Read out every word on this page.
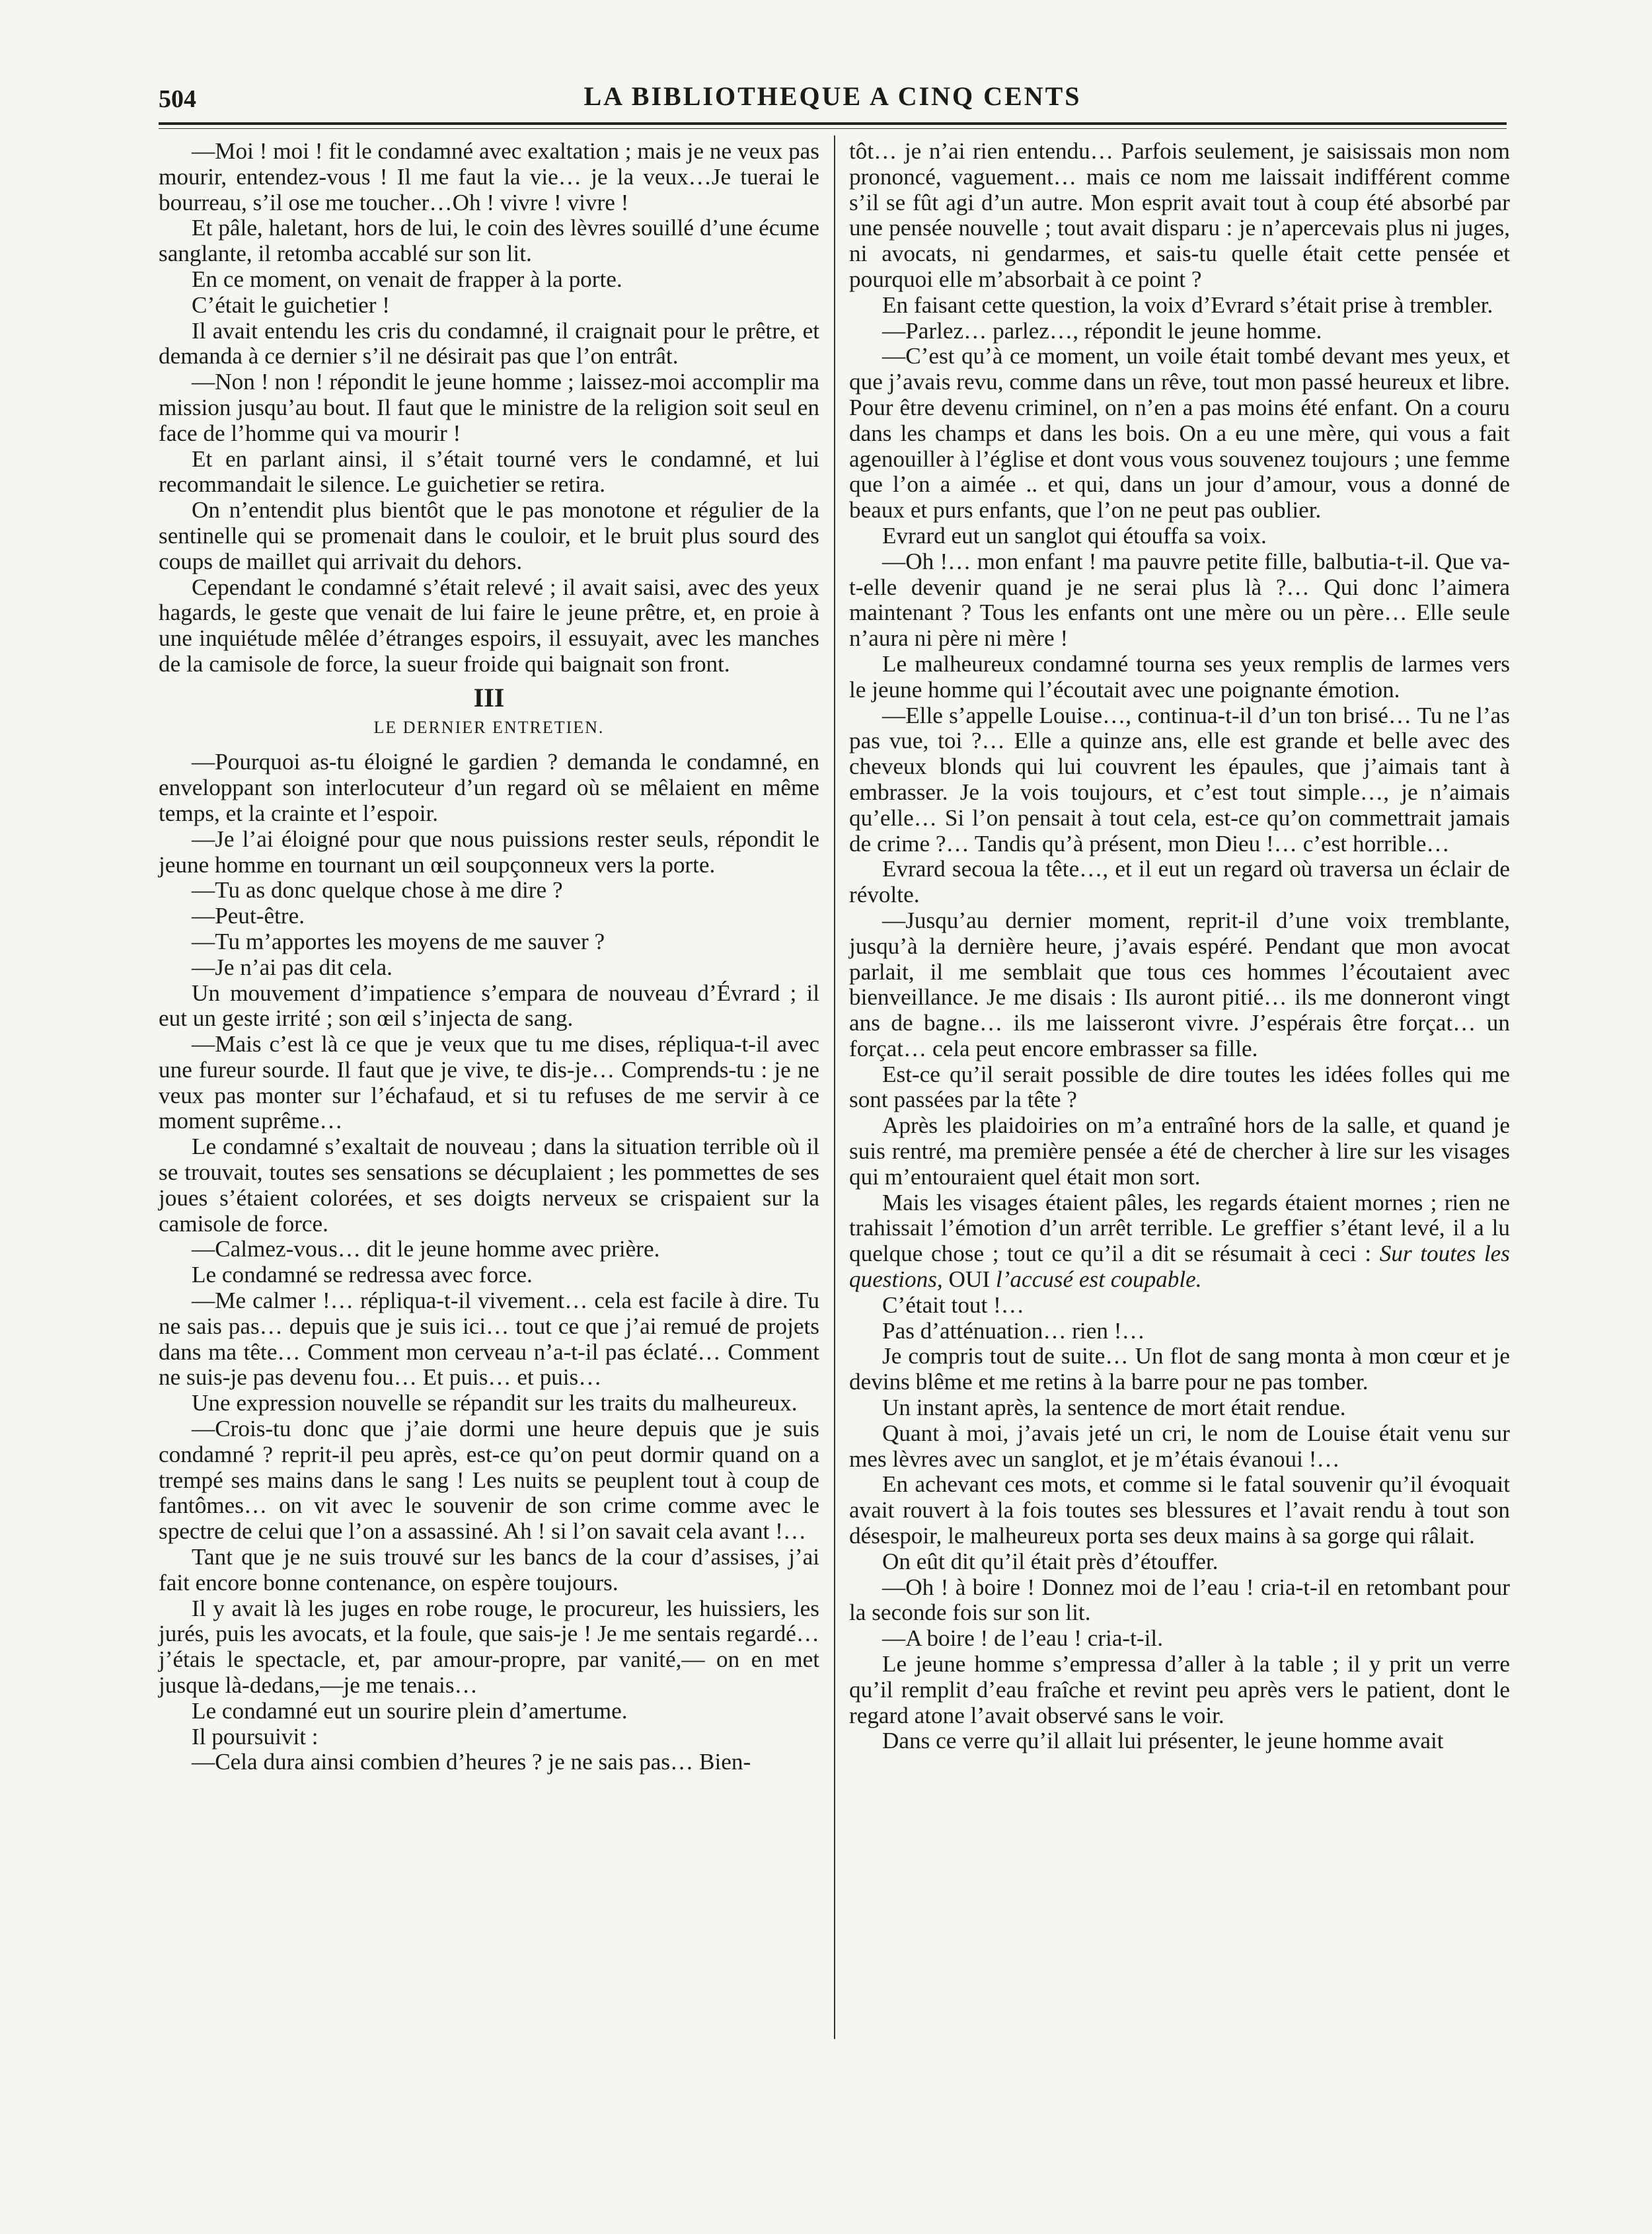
504	LA BIBLIOTHEQUE A CINQ CENTS

—Moi ! moi ! fit le condamné avec exaltation ; mais je ne veux pas mourir, entendez-vous ! Il me faut la vie… je la veux…Je tuerai le bourreau, s’il ose me toucher…Oh ! vivre ! vivre !

Et pâle, haletant, hors de lui, le coin des lèvres souillé d’une écume sanglante, il retomba accablé sur son lit.

En ce moment, on venait de frapper à la porte.

C’était le guichetier !

Il avait entendu les cris du condamné, il craignait pour le prêtre, et demanda à ce dernier s’il ne désirait pas que l’on entrât.

—Non ! non ! répondit le jeune homme ; laissez-moi accomplir ma mission jusqu’au bout. Il faut que le ministre de la religion soit seul en face de l’homme qui va mourir !

Et en parlant ainsi, il s’était tourné vers le condamné, et lui recommandait le silence. Le guichetier se retira.

On n’entendit plus bientôt que le pas monotone et régulier de la sentinelle qui se promenait dans le couloir, et le bruit plus sourd des coups de maillet qui arrivait du dehors.

Cependant le condamné s’était relevé ; il avait saisi, avec des yeux hagards, le geste que venait de lui faire le jeune prêtre, et, en proie à une inquiétude mêlée d’étranges espoirs, il essuyait, avec les manches de la camisole de force, la sueur froide qui baignait son front.

III
LE DERNIER ENTRETIEN.

—Pourquoi as-tu éloigné le gardien ? demanda le condamné, en enveloppant son interlocuteur d’un regard où se mêlaient en même temps, et la crainte et l’espoir.

—Je l’ai éloigné pour que nous puissions rester seuls, répondit le jeune homme en tournant un œil soupçonneux vers la porte.

—Tu as donc quelque chose à me dire ?

—Peut-être.

—Tu m’apportes les moyens de me sauver ?

—Je n’ai pas dit cela.

Un mouvement d’impatience s’empara de nouveau d’Évrard ; il eut un geste irrité ; son œil s’injecta de sang.

—Mais c’est là ce que je veux que tu me dises, répliqua-t-il avec une fureur sourde. Il faut que je vive, te dis-je… Comprends-tu : je ne veux pas monter sur l’échafaud, et si tu refuses de me servir à ce moment suprême…

Le condamné s’exaltait de nouveau ; dans la situation terrible où il se trouvait, toutes ses sensations se décuplaient ; les pommettes de ses joues s’étaient colorées, et ses doigts nerveux se crispaient sur la camisole de force.

—Calmez-vous… dit le jeune homme avec prière.

Le condamné se redressa avec force.

—Me calmer !… répliqua-t-il vivement… cela est facile à dire. Tu ne sais pas… depuis que je suis ici… tout ce que j’ai remué de projets dans ma tête… Comment mon cerveau n’a-t-il pas éclaté… Comment ne suis-je pas devenu fou… Et puis… et puis…

Une expression nouvelle se répandit sur les traits du malheureux.

—Crois-tu donc que j’aie dormi une heure depuis que je suis condamné ? reprit-il peu après, est-ce qu’on peut dormir quand on a trempé ses mains dans le sang ! Les nuits se peuplent tout à coup de fantômes… on vit avec le souvenir de son crime comme avec le spectre de celui que l’on a assassiné. Ah ! si l’on savait cela avant !…

Tant que je ne suis trouvé sur les bancs de la cour d’assises, j’ai fait encore bonne contenance, on espère toujours.

Il y avait là les juges en robe rouge, le procureur, les huissiers, les jurés, puis les avocats, et la foule, que sais-je ! Je me sentais regardé… j’étais le spectacle, et, par amour-propre, par vanité,— on en met jusque là-dedans,—je me tenais…

Le condamné eut un sourire plein d’amertume.

Il poursuivit :

—Cela dura ainsi combien d’heures ? je ne sais pas… Bien-

tôt… je n’ai rien entendu… Parfois seulement, je saisissais mon nom prononcé, vaguement… mais ce nom me laissait indifférent comme s’il se fût agi d’un autre. Mon esprit avait tout à coup été absorbé par une pensée nouvelle ; tout avait disparu : je n’apercevais plus ni juges, ni avocats, ni gendarmes, et sais-tu quelle était cette pensée et pourquoi elle m’absorbait à ce point ?

En faisant cette question, la voix d’Evrard s’était prise à trembler.

—Parlez… parlez…, répondit le jeune homme.

—C’est qu’à ce moment, un voile était tombé devant mes yeux, et que j’avais revu, comme dans un rêve, tout mon passé heureux et libre. Pour être devenu criminel, on n’en a pas moins été enfant. On a couru dans les champs et dans les bois. On a eu une mère, qui vous a fait agenouiller à l’église et dont vous vous souvenez toujours ; une femme que l’on a aimée .. et qui, dans un jour d’amour, vous a donné de beaux et purs enfants, que l’on ne peut pas oublier.

Evrard eut un sanglot qui étouffa sa voix.

—Oh !… mon enfant ! ma pauvre petite fille, balbutia-t-il. Que va-t-elle devenir quand je ne serai plus là ?… Qui donc l’aimera maintenant ? Tous les enfants ont une mère ou un père… Elle seule n’aura ni père ni mère !

Le malheureux condamné tourna ses yeux remplis de larmes vers le jeune homme qui l’écoutait avec une poignante émotion.

—Elle s’appelle Louise…, continua-t-il d’un ton brisé… Tu ne l’as pas vue, toi ?… Elle a quinze ans, elle est grande et belle avec des cheveux blonds qui lui couvrent les épaules, que j’aimais tant à embrasser. Je la vois toujours, et c’est tout simple…, je n’aimais qu’elle… Si l’on pensait à tout cela, est-ce qu’on commettrait jamais de crime ?… Tandis qu’à présent, mon Dieu !… c’est horrible…

Evrard secoua la tête…, et il eut un regard où traversa un éclair de révolte.

—Jusqu’au dernier moment, reprit-il d’une voix tremblante, jusqu’à la dernière heure, j’avais espéré. Pendant que mon avocat parlait, il me semblait que tous ces hommes l’écoutaient avec bienveillance. Je me disais : Ils auront pitié… ils me donneront vingt ans de bagne… ils me laisseront vivre. J’espérais être forçat… un forçat… cela peut encore embrasser sa fille.

Est-ce qu’il serait possible de dire toutes les idées folles qui me sont passées par la tête ?

Après les plaidoiries on m’a entraîné hors de la salle, et quand je suis rentré, ma première pensée a été de chercher à lire sur les visages qui m’entouraient quel était mon sort.

Mais les visages étaient pâles, les regards étaient mornes ; rien ne trahissait l’émotion d’un arrêt terrible. Le greffier s’étant levé, il a lu quelque chose ; tout ce qu’il a dit se résumait à ceci : Sur toutes les questions, OUI l’accusé est coupable.

C’était tout !…

Pas d’atténuation… rien !…

Je compris tout de suite… Un flot de sang monta à mon cœur et je devins blême et me retins à la barre pour ne pas tomber.

Un instant après, la sentence de mort était rendue.

Quant à moi, j’avais jeté un cri, le nom de Louise était venu sur mes lèvres avec un sanglot, et je m’étais évanoui !…

En achevant ces mots, et comme si le fatal souvenir qu’il évoquait avait rouvert à la fois toutes ses blessures et l’avait rendu à tout son désespoir, le malheureux porta ses deux mains à sa gorge qui râlait.

On eût dit qu’il était près d’étouffer.

—Oh ! à boire ! Donnez moi de l’eau ! cria-t-il en retombant pour la seconde fois sur son lit.

—A boire ! de l’eau ! cria-t-il.

Le jeune homme s’empressa d’aller à la table ; il y prit un verre qu’il remplit d’eau fraîche et revint peu après vers le patient, dont le regard atone l’avait observé sans le voir.

Dans ce verre qu’il allait lui présenter, le jeune homme avait
